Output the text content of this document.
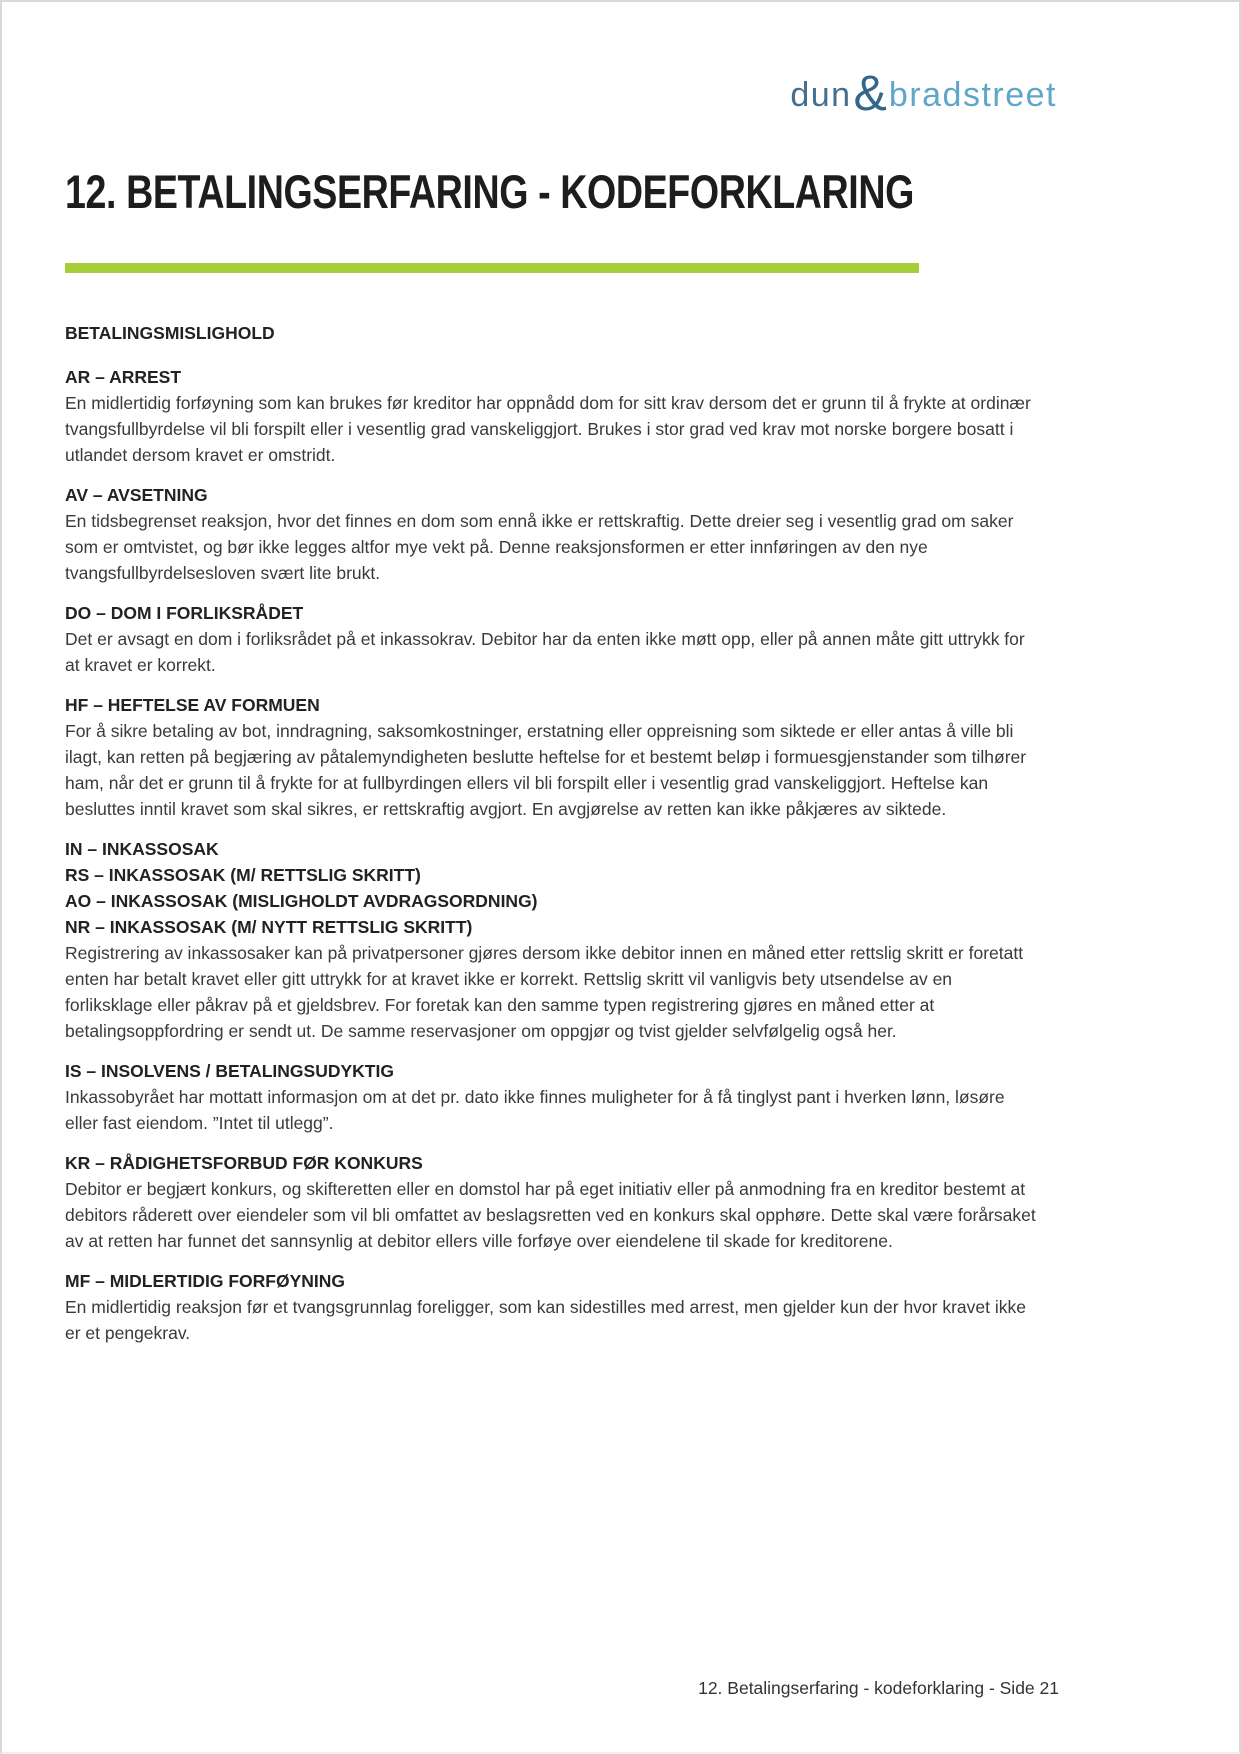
dun & bradstreet
12. BETALINGSERFARING - KODEFORKLARING
BETALINGSMISLIGHOLD
AR – ARREST
En midlertidig forføyning som kan brukes før kreditor har oppnådd dom for sitt krav dersom det er grunn til å frykte at ordinær tvangsfullbyrdelse vil bli forspilt eller i vesentlig grad vanskeliggjort. Brukes i stor grad ved krav mot norske borgere bosatt i utlandet dersom kravet er omstridt.
AV – AVSETNING
En tidsbegrenset reaksjon, hvor det finnes en dom som ennå ikke er rettskraftig. Dette dreier seg i vesentlig grad om saker som er omtvistet, og bør ikke legges altfor mye vekt på. Denne reaksjonsformen er etter innføringen av den nye tvangsfullbyrdelsesloven svært lite brukt.
DO – DOM I FORLIKSRÅDET
Det er avsagt en dom i forliksrådet på et inkassokrav. Debitor har da enten ikke møtt opp, eller på annen måte gitt uttrykk for at kravet er korrekt.
HF – HEFTELSE AV FORMUEN
For å sikre betaling av bot, inndragning, saksomkostninger, erstatning eller oppreisning som siktede er eller antas å ville bli ilagt, kan retten på begjæring av påtalemyndigheten beslutte heftelse for et bestemt beløp i formuesgjenstander som tilhører ham, når det er grunn til å frykte for at fullbyrdingen ellers vil bli forspilt eller i vesentlig grad vanskeliggjort. Heftelse kan besluttes inntil kravet som skal sikres, er rettskraftig avgjort. En avgjørelse av retten kan ikke påkjæres av siktede.
IN – INKASSOSAK
RS – INKASSOSAK (M/ RETTSLIG SKRITT)
AO – INKASSOSAK (MISLIGHOLDT AVDRAGSORDNING)
NR – INKASSOSAK (M/ NYTT RETTSLIG SKRITT)
Registrering av inkassosaker kan på privatpersoner gjøres dersom ikke debitor innen en måned etter rettslig skritt er foretatt enten har betalt kravet eller gitt uttrykk for at kravet ikke er korrekt. Rettslig skritt vil vanligvis bety utsendelse av en forliksklage eller påkrav på et gjeldsbrev. For foretak kan den samme typen registrering gjøres en måned etter at betalingsoppfordring er sendt ut. De samme reservasjoner om oppgjør og tvist gjelder selvfølgelig også her.
IS – INSOLVENS / BETALINGSUDYKTIG
Inkassobyrået har mottatt informasjon om at det pr. dato ikke finnes muligheter for å få tinglyst pant i hverken lønn, løsøre eller fast eiendom. ”Intet til utlegg”.
KR – RÅDIGHETSFORBUD FØR KONKURS
Debitor er begjært konkurs, og skifteretten eller en domstol har på eget initiativ eller på anmodning fra en kreditor bestemt at debitors råderett over eiendeler som vil bli omfattet av beslagsretten ved en konkurs skal opphøre. Dette skal være forårsaket av at retten har funnet det sannsynlig at debitor ellers ville forføye over eiendelene til skade for kreditorene.
MF – MIDLERTIDIG FORFØYNING
En midlertidig reaksjon før et tvangsgrunnlag foreligger, som kan sidestilles med arrest, men gjelder kun der hvor kravet ikke er et pengekrav.
12. Betalingserfaring - kodeforklaring - Side 21
